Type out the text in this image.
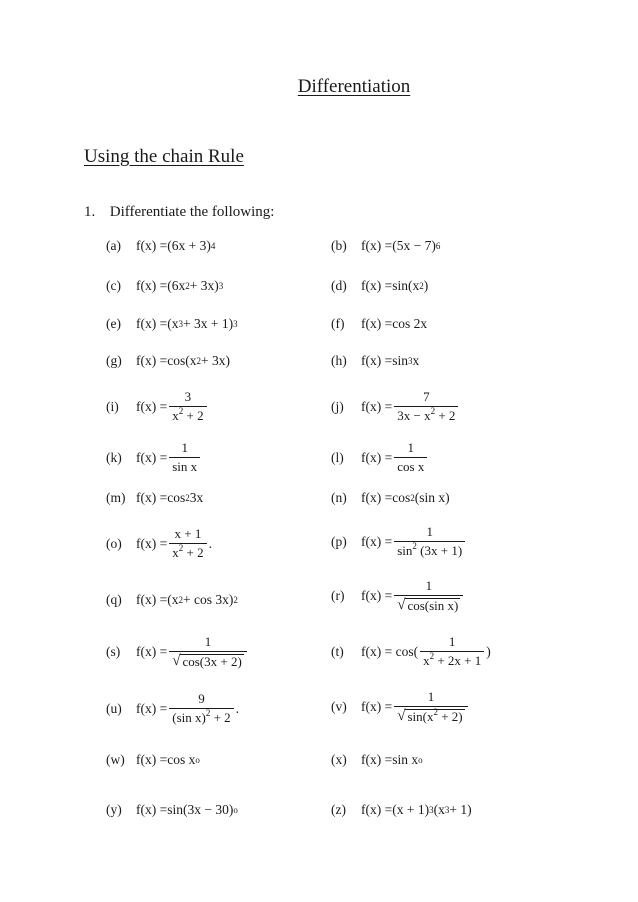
Differentiation
Using the chain Rule
1. Differentiate the following:
(a)	f(x) = (6x + 3) 4	(b)	f(x) = (5x − 7) 6
(c)	f(x) = (6x 2 + 3x) 3	(d)	f(x) = sin(x 2 )
(e)	f(x) = (x 3 + 3x + 1) 3	(f)	f(x) = cos 2x
(g)	f(x) = cos(x 2 + 3x)	(h)	f(x) = sin 3 x
(i)	$f(x) = \frac{3}{x^2 + 2}$	(j)	$f(x) = \frac{7}{3x - x^2 + 2}$
(k)	$f(x) = \frac{1}{\text{sin x}}$	(l)	$f(x) = \frac{1}{\text{cos x}}$
(m) f(x) = cos 2 3x	(n)	f(x) = cos 2 (sin x)
(o)	$f(x) = \frac{x + 1}{x^2 + 2}$ .	(p)	$f(x) = \frac{1}{\sin^2 (3x + 1)}$
(q)	f(x) = (x 2 + cos 3x) 2	(r)	$f(x) = \frac{1}{\text{√ cos(sin x)}}$
(s)	$f(x) = \frac{1}{√ \cos(3x + 2)}$	(t)	$f(x) = \cos( \frac{1}{x^2 + 2x + 1}$ )
(u)	$f(x) = \frac{9}{(\sin x)^2 + 2}$ .	(v)	$f(x) = \frac{1}{√ \sin(x^2 + 2)}$
(w) f(x) = cos x o	(x)	f(x) = sin x o
(y)	f(x) = sin(3x − 30) o	(z)	f(x) = (x + 1) 3 (x 3 + 1)
